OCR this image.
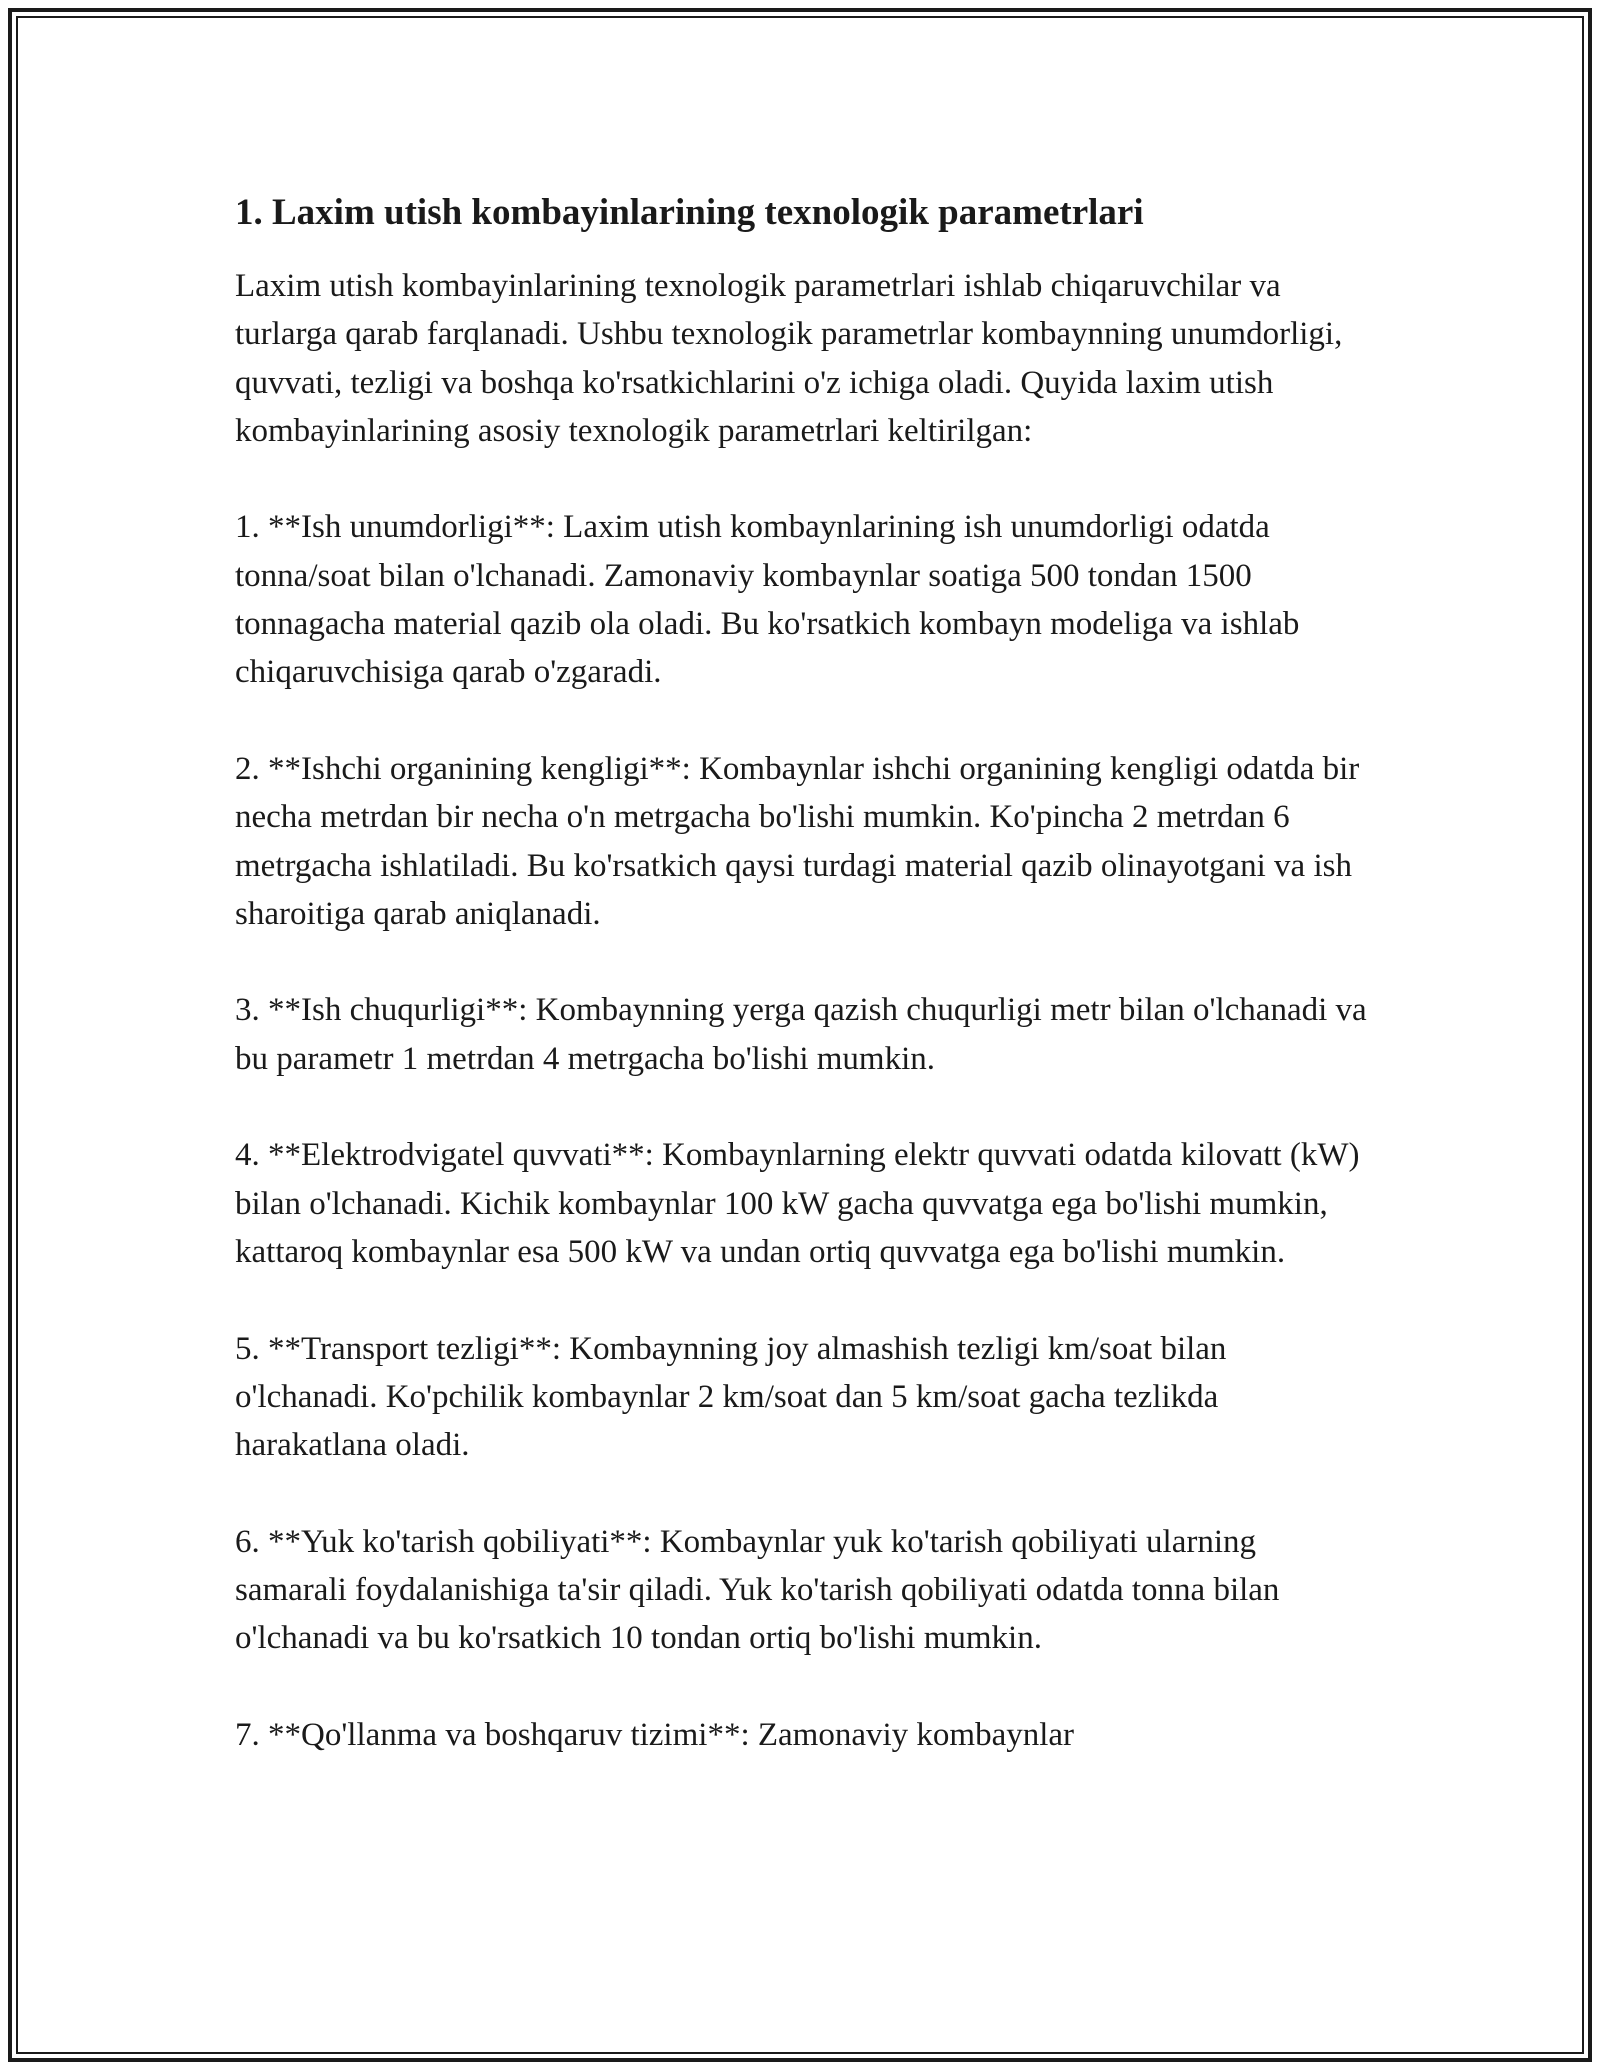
1. Laxim utish kombayinlarining texnologik parametrlari

Laxim utish kombayinlarining texnologik parametrlari ishlab chiqaruvchilar va turlarga qarab farqlanadi. Ushbu texnologik parametrlar kombaynning unumdorligi, quvvati, tezligi va boshqa ko'rsatkichlarini o'z ichiga oladi. Quyida laxim utish kombayinlarining asosiy texnologik parametrlari keltirilgan:

1. **Ish unumdorligi**: Laxim utish kombaynlarining ish unumdorligi odatda tonna/soat bilan o'lchanadi. Zamonaviy kombaynlar soatiga 500 tondan 1500 tonnagacha material qazib ola oladi. Bu ko'rsatkich kombayn modeliga va ishlab chiqaruvchisiga qarab o'zgaradi.

2. **Ishchi organining kengligi**: Kombaynlar ishchi organining kengligi odatda bir necha metrdan bir necha o'n metrgacha bo'lishi mumkin. Ko'pincha 2 metrdan 6 metrgacha ishlatiladi. Bu ko'rsatkich qaysi turdagi material qazib olinayotgani va ish sharoitiga qarab aniqlanadi.

3. **Ish chuqurligi**: Kombaynning yerga qazish chuqurligi metr bilan o'lchanadi va bu parametr 1 metrdan 4 metrgacha bo'lishi mumkin.

4. **Elektrodvigatel quvvati**: Kombaynlarning elektr quvvati odatda kilovatt (kW) bilan o'lchanadi. Kichik kombaynlar 100 kW gacha quvvatga ega bo'lishi mumkin, kattaroq kombaynlar esa 500 kW va undan ortiq quvvatga ega bo'lishi mumkin.

5. **Transport tezligi**: Kombaynning joy almashish tezligi km/soat bilan o'lchanadi. Ko'pchilik kombaynlar 2 km/soat dan 5 km/soat gacha tezlikda harakatlana oladi.

6. **Yuk ko'tarish qobiliyati**: Kombaynlar yuk ko'tarish qobiliyati ularning samarali foydalanishiga ta'sir qiladi. Yuk ko'tarish qobiliyati odatda tonna bilan o'lchanadi va bu ko'rsatkich 10 tondan ortiq bo'lishi mumkin.

7. **Qo'llanma va boshqaruv tizimi**: Zamonaviy kombaynlar
